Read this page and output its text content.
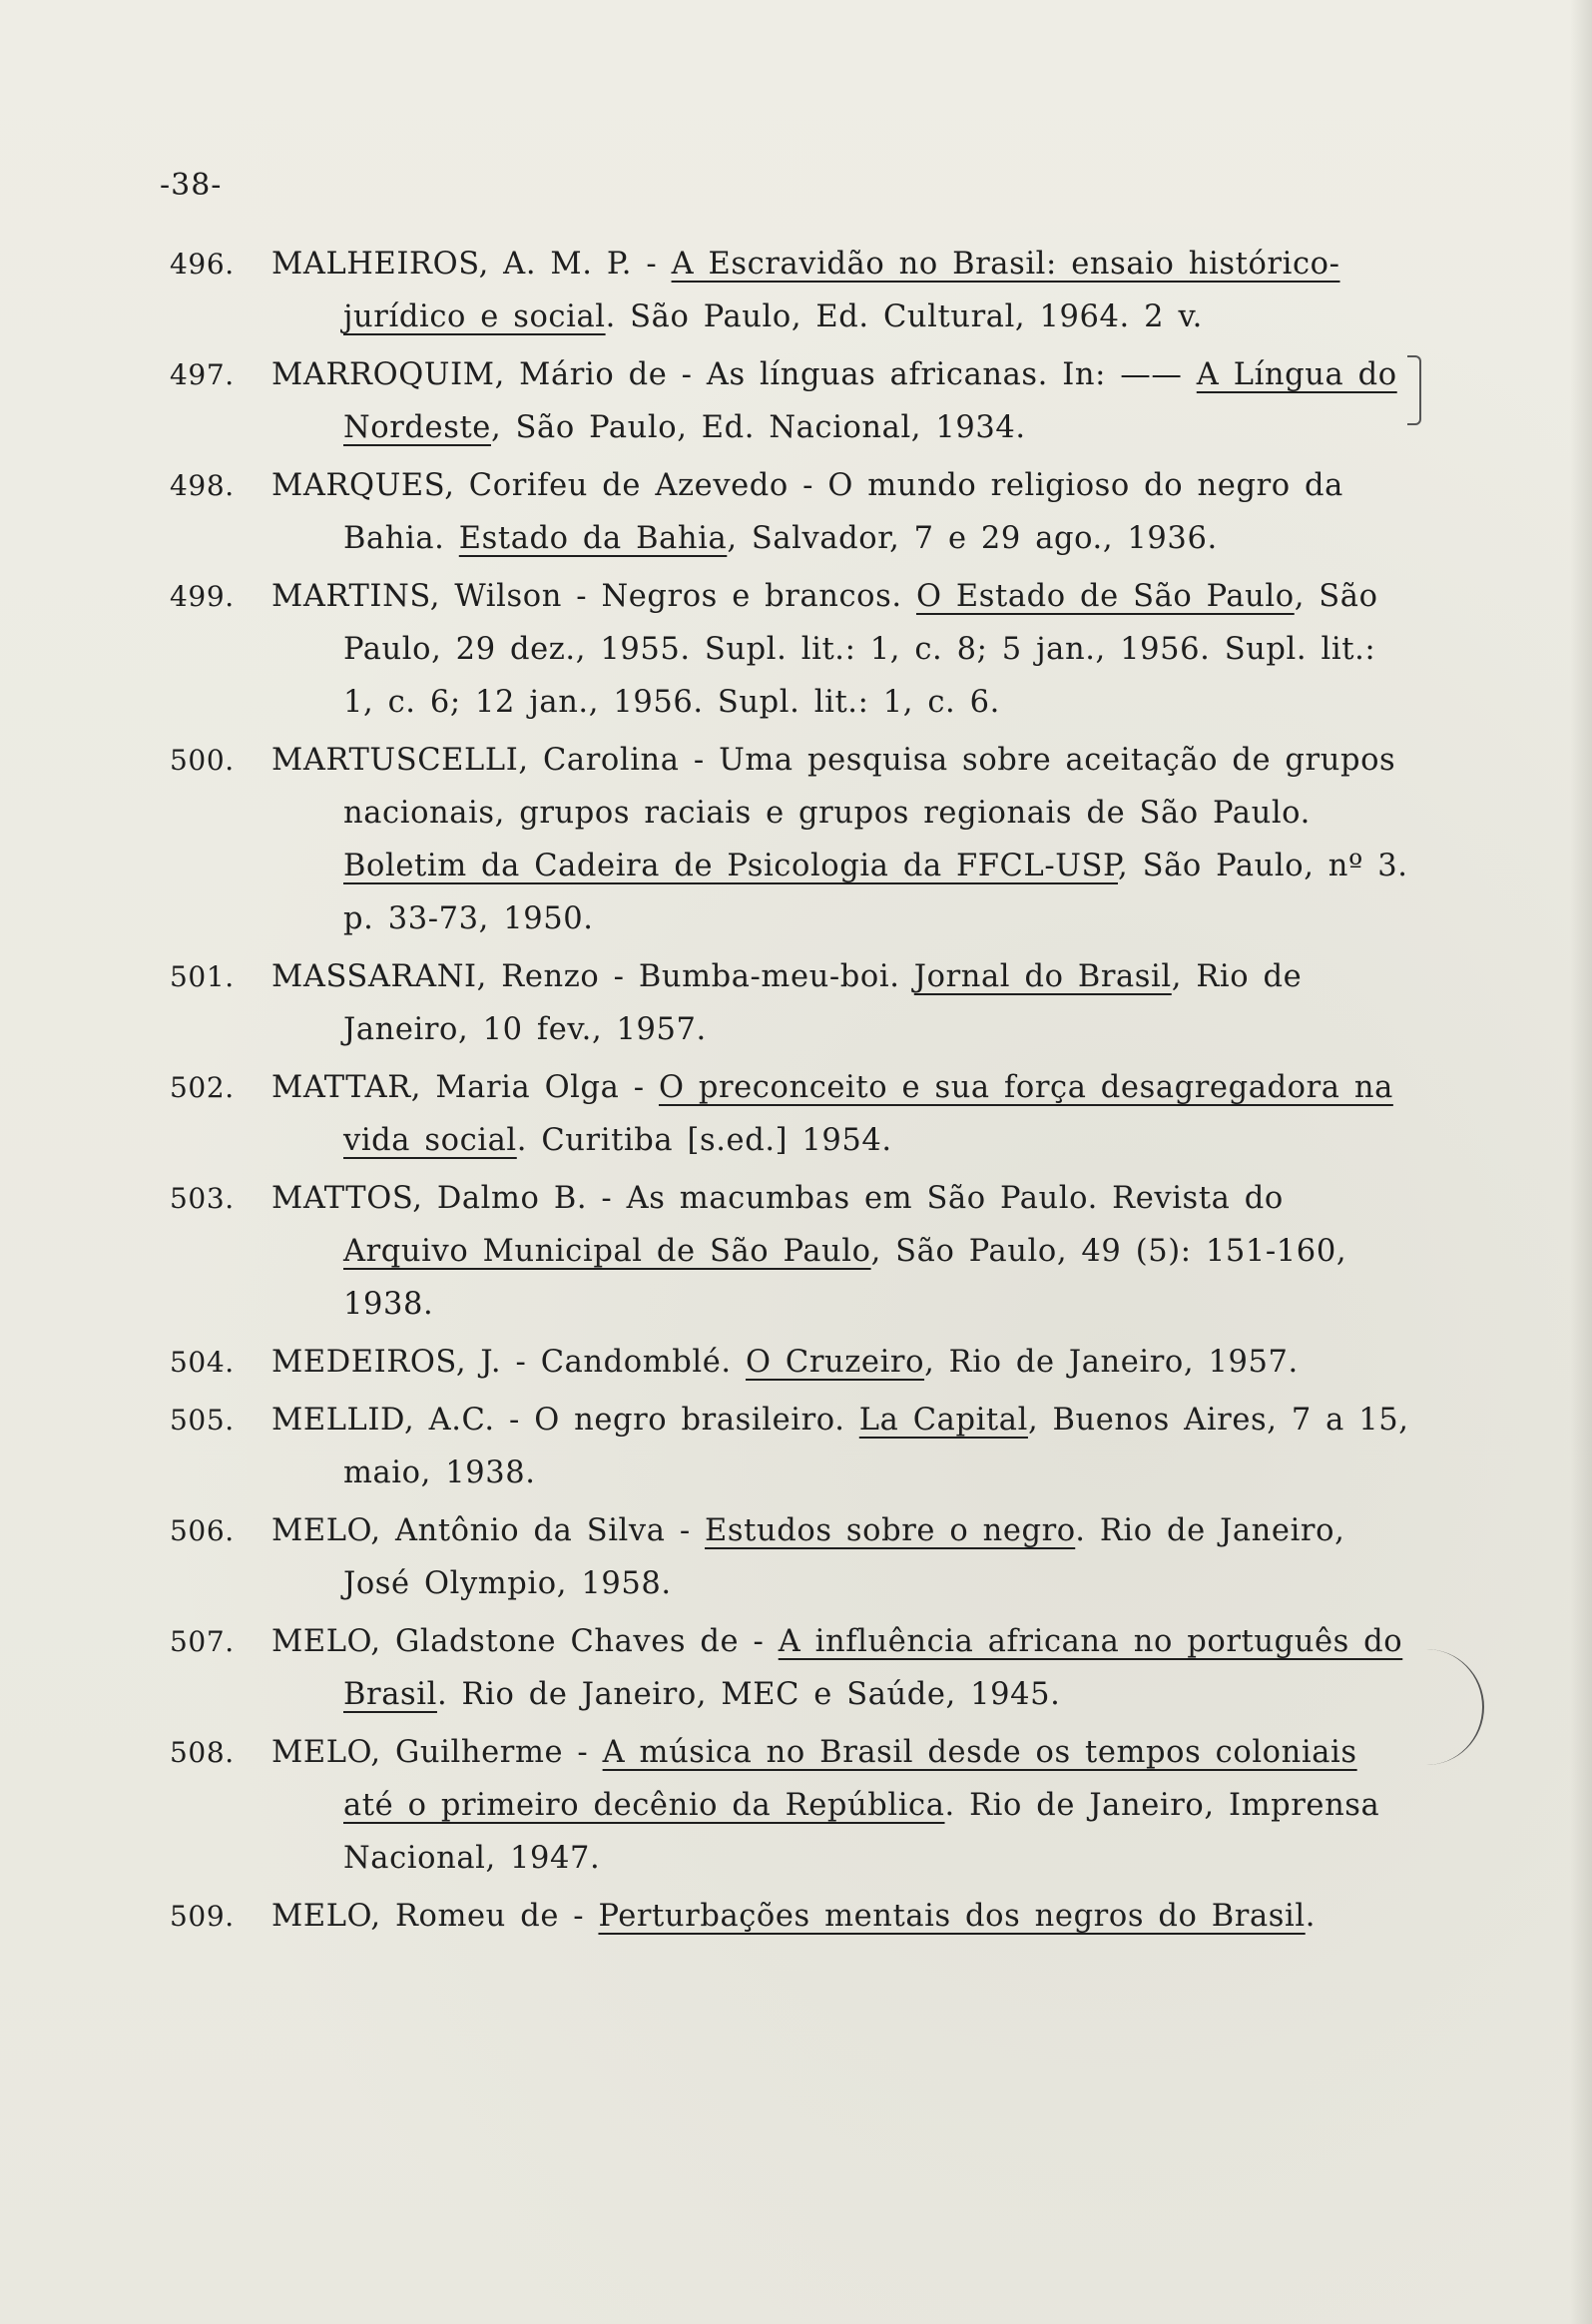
-38-
496. MALHEIROS, A. M. P. - A Escravidão no Brasil: ensaio histórico-jurídico e social. São Paulo, Ed. Cultural, 1964. 2 v.
497. MARROQUIM, Mário de - As línguas africanas. In: —— A Língua do Nordeste, São Paulo, Ed. Nacional, 1934.
498. MARQUES, Corifeu de Azevedo - O mundo religioso do negro da Bahia. Estado da Bahia, Salvador, 7 e 29 ago., 1936.
499. MARTINS, Wilson - Negros e brancos. O Estado de São Paulo, São Paulo, 29 dez., 1955. Supl. lit.: 1, c. 8; 5 jan., 1956. Supl. lit.: 1, c. 6; 12 jan., 1956. Supl. lit.: 1, c. 6.
500. MARTUSCELLI, Carolina - Uma pesquisa sobre aceitação de grupos nacionais, grupos raciais e grupos regionais de São Paulo. Boletim da Cadeira de Psicologia da FFCL-USP, São Paulo, nº 3. p. 33-73, 1950.
501. MASSARANI, Renzo - Bumba-meu-boi. Jornal do Brasil, Rio de Janeiro, 10 fev., 1957.
502. MATTAR, Maria Olga - O preconceito e sua força desagregadora na vida social. Curitiba [s.ed.] 1954.
503. MATTOS, Dalmo B. - As macumbas em São Paulo. Revista do Arquivo Municipal de São Paulo, São Paulo, 49 (5): 151-160, 1938.
504. MEDEIROS, J. - Candomblé. O Cruzeiro, Rio de Janeiro, 1957.
505. MELLID, A.C. - O negro brasileiro. La Capital, Buenos Aires, 7 a 15, maio, 1938.
506. MELO, Antônio da Silva - Estudos sobre o negro. Rio de Janeiro, José Olympio, 1958.
507. MELO, Gladstone Chaves de - A influência africana no português do Brasil. Rio de Janeiro, MEC e Saúde, 1945.
508. MELO, Guilherme - A música no Brasil desde os tempos coloniais até o primeiro decênio da República. Rio de Janeiro, Imprensa Nacional, 1947.
509. MELO, Romeu de - Perturbações mentais dos negros do Brasil.
